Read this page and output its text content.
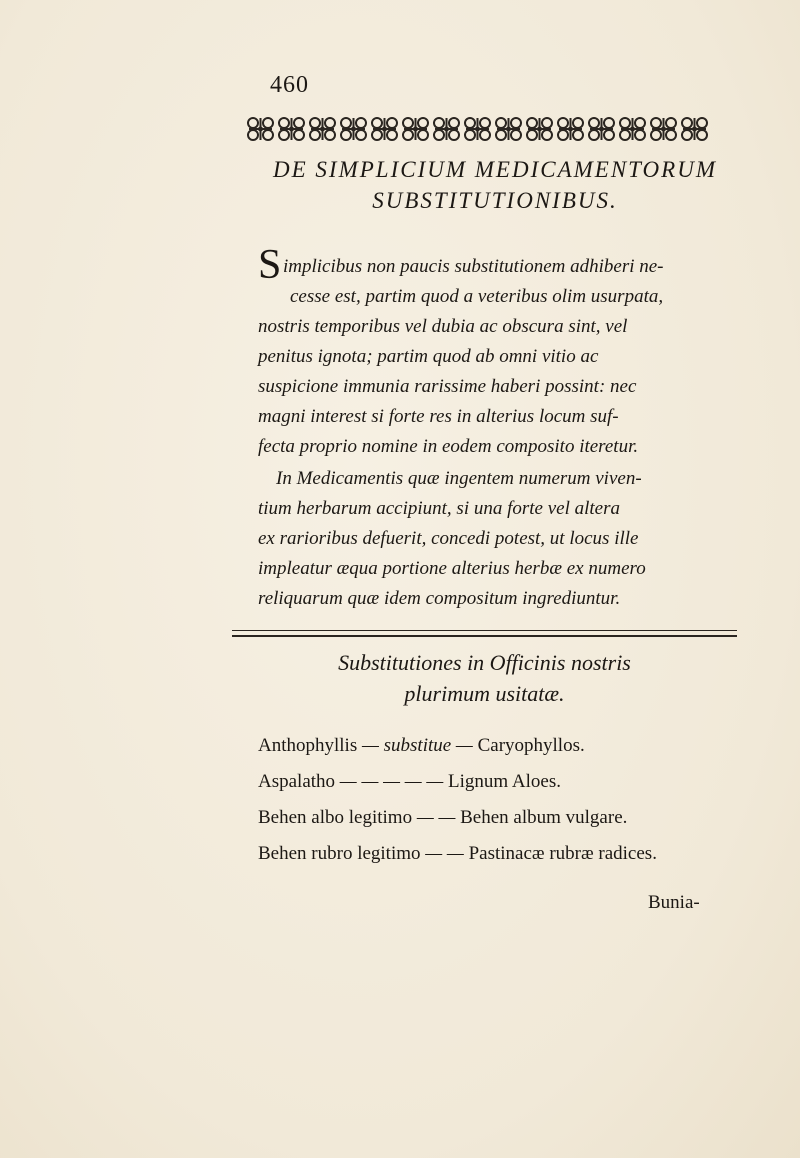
460
DE SIMPLICIUM MEDICAMENTORUM
SUBSTITUTIONIBUS.
S implicibus non paucis substitutionem adhiberi ne-
cesse est, partim quod a veteribus olim usurpata,
nostris temporibus vel dubia ac obscura sint, vel
penitus ignota; partim quod ab omni vitio ac
suspicione immunia rarissime haberi possint: nec
magni interest si forte res in alterius locum suf-
fecta proprio nomine in eodem composito iteretur.
In Medicamentis quæ ingentem numerum viven-
tium herbarum accipiunt, si una forte vel altera
ex rarioribus defuerit, concedi potest, ut locus ille
impleatur æqua portione alterius herbæ ex numero
reliquarum quæ idem compositum ingrediuntur.
Substitutiones in Officinis nostris
plurimum usitatæ.
Anthophyllis — substitue — Caryophyllos.
Aspalatho — — — — — Lignum Aloes.
Behen albo legitimo — — Behen album vulgare.
Behen rubro legitimo — — Pastinacæ rubræ radices.
Bunia-
